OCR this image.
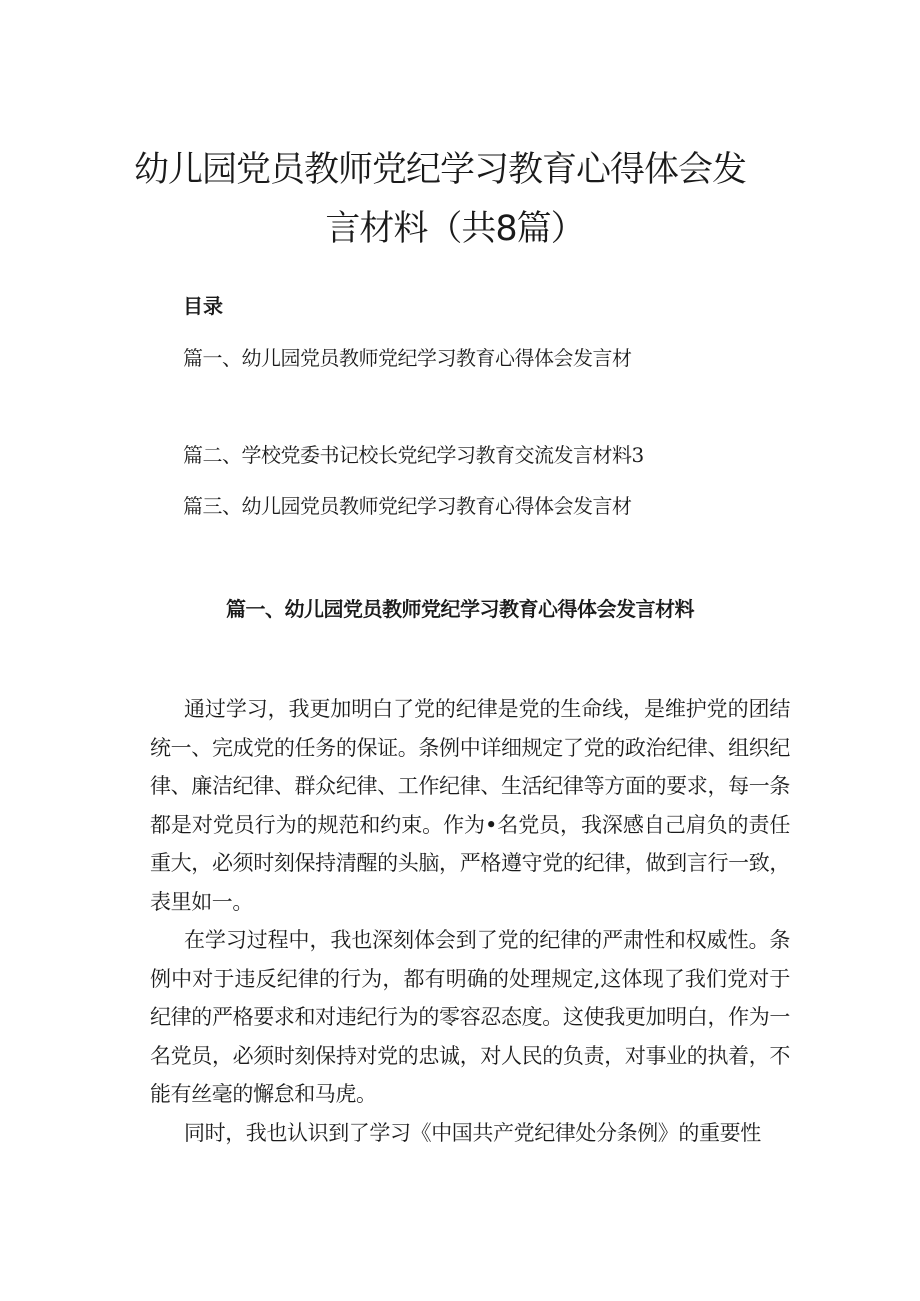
幼儿园党员教师党纪学习教育心得体会发
言材料（共8篇）
目录
篇一、幼儿园党员教师党纪学习教育心得体会发言材
篇二、学校党委书记校长党纪学习教育交流发言材料3
篇三、幼儿园党员教师党纪学习教育心得体会发言材
篇一、幼儿园党员教师党纪学习教育心得体会发言材料

通过学习，我更加明白了党的纪律是党的生命线，是维护党的团结统一、完成党的任务的保证。条例中详细规定了党的政治纪律、组织纪律、廉洁纪律、群众纪律、工作纪律、生活纪律等方面的要求，每一条都是对党员行为的规范和约束。作为•名党员，我深感自己肩负的责任重大，必须时刻保持清醒的头脑，严格遵守党的纪律，做到言行一致，表里如一。

在学习过程中，我也深刻体会到了党的纪律的严肃性和权威性。条例中对于违反纪律的行为，都有明确的处理规定,这体现了我们党对于纪律的严格要求和对违纪行为的零容忍态度。这使我更加明白，作为一名党员，必须时刻保持对党的忠诚，对人民的负责，对事业的执着，不能有丝毫的懈怠和马虎。

同时，我也认识到了学习《中国共产党纪律处分条例》的重要性
